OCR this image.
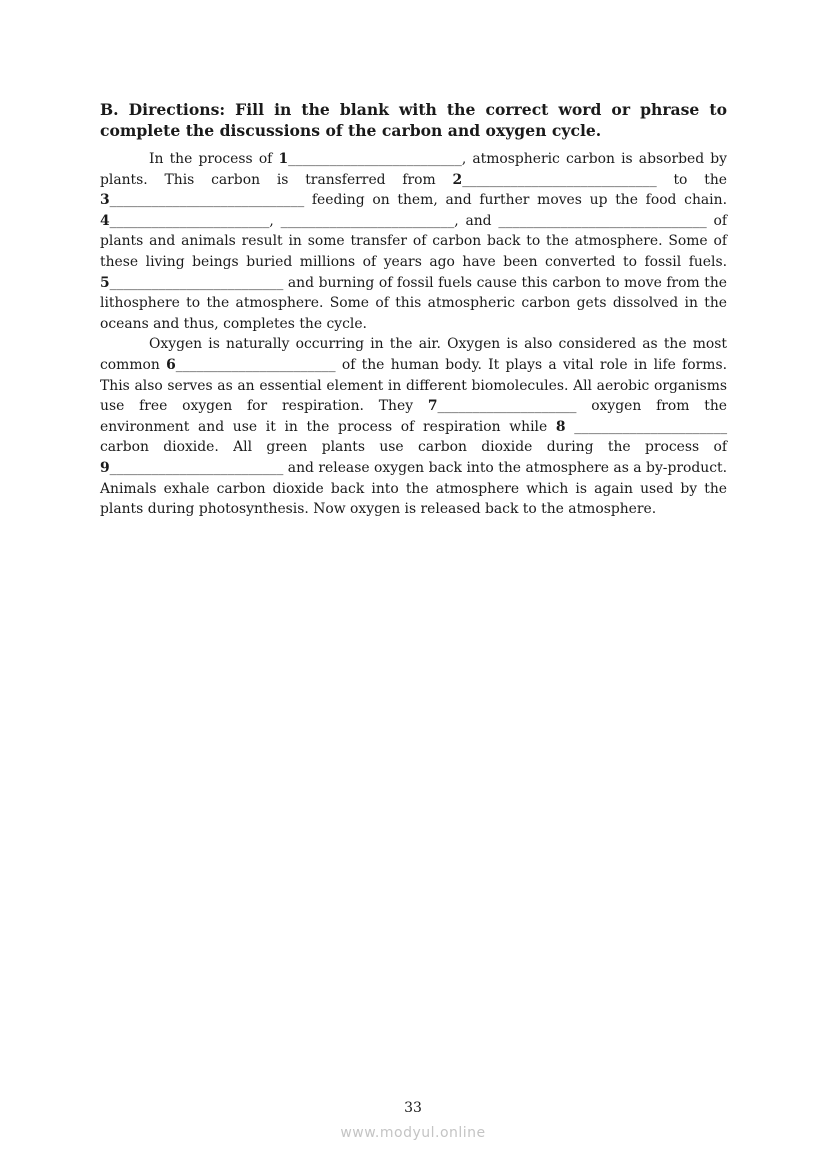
B. Directions: Fill in the blank with the correct word or phrase to complete the discussions of the carbon and oxygen cycle.

In the process of 1_________________________, atmospheric carbon is absorbed by plants. This carbon is transferred from 2____________________________ to the 3____________________________ feeding on them, and further moves up the food chain. 4_______________________, _________________________, and ______________________________ of plants and animals result in some transfer of carbon back to the atmosphere. Some of these living beings buried millions of years ago have been converted to fossil fuels. 5_________________________ and burning of fossil fuels cause this carbon to move from the lithosphere to the atmosphere. Some of this atmospheric carbon gets dissolved in the oceans and thus, completes the cycle.

Oxygen is naturally occurring in the air. Oxygen is also considered as the most common 6_______________________ of the human body. It plays a vital role in life forms. This also serves as an essential element in different biomolecules. All aerobic organisms use free oxygen for respiration. They 7____________________ oxygen from the environment and use it in the process of respiration while 8 ______________________ carbon dioxide. All green plants use carbon dioxide during the process of 9_________________________ and release oxygen back into the atmosphere as a by-product. Animals exhale carbon dioxide back into the atmosphere which is again used by the plants during photosynthesis. Now oxygen is released back to the atmosphere.

33
www.modyul.online
